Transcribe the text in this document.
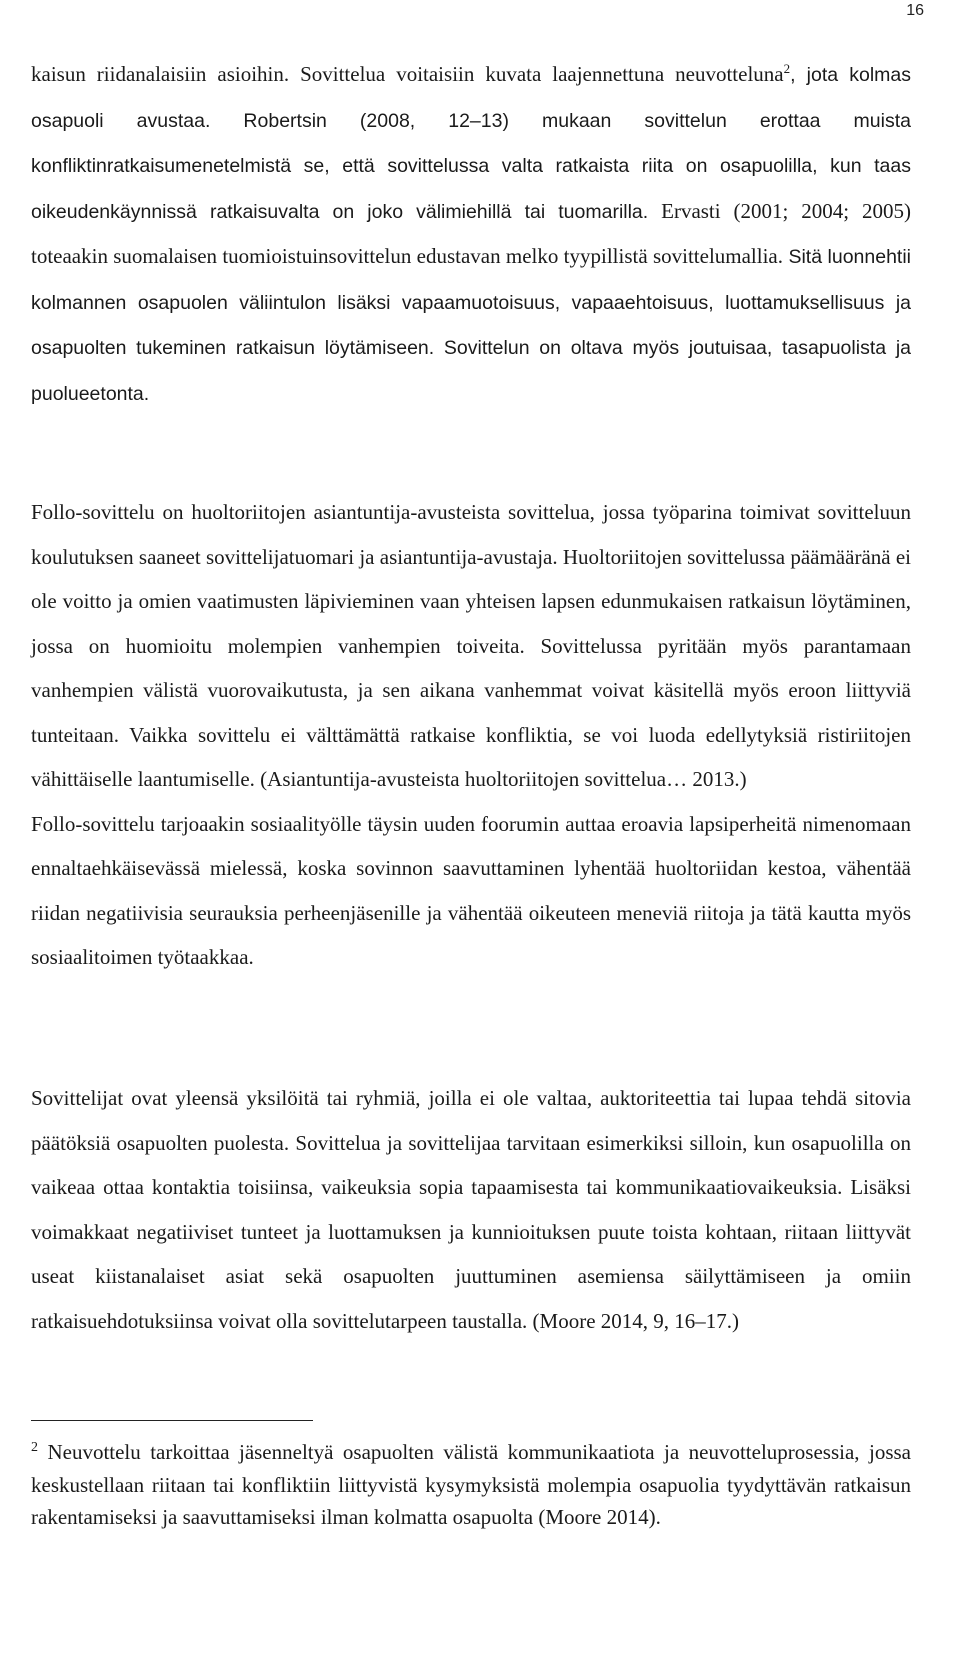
16

kaisun riidanalaisiin asioihin. Sovittelua voitaisiin kuvata laajennettuna neuvotteluna$^2$, jota kolmas osapuoli avustaa. Robertsin (2008, 12–13) mukaan sovittelun erottaa muista konfliktinratkaisumenetelmistä se, että sovittelussa valta ratkaista riita on osapuolilla, kun taas oikeudenkäynnissä ratkaisuvalta on joko välimiehillä tai tuomarilla. Ervasti (2001; 2004; 2005) toteaakin suomalaisen tuomioistuinsovittelun edustavan melko tyypillistä sovittelumallia. Sitä luonnehtii kolmannen osapuolen väliintulon lisäksi vapaamuotoisuus, vapaaehtoisuus, luottamuksellisuus ja osapuolten tukeminen ratkaisun löytämiseen. Sovittelun on oltava myös joutuisaa, tasapuolista ja puolueetonta.

Follo-sovittelu on huoltoriitojen asiantuntija-avusteista sovittelua, jossa työparina toimivat sovitteluun koulutuksen saaneet sovittelijatuomari ja asiantuntija-avustaja. Huoltoriitojen sovittelussa päämääränä ei ole voitto ja omien vaatimusten läpivieminen vaan yhteisen lapsen edunmukaisen ratkaisun löytäminen, jossa on huomioitu molempien vanhempien toiveita. Sovittelussa pyritään myös parantamaan vanhempien välistä vuorovaikutusta, ja sen aikana vanhemmat voivat käsitellä myös eroon liittyviä tunteitaan. Vaikka sovittelu ei välttämättä ratkaise konfliktia, se voi luoda edellytyksiä ristiriitojen vähittäiselle laantumiselle. (Asiantuntija-avusteista huoltoriitojen sovittelua… 2013.)
Follo-sovittelu tarjoaakin sosiaalityölle täysin uuden foorumin auttaa eroavia lapsiperheitä nimenomaan ennaltaehkäisevässä mielessä, koska sovinnon saavuttaminen lyhentää huoltoriidan kestoa, vähentää riidan negatiivisia seurauksia perheenjäsenille ja vähentää oikeuteen meneviä riitoja ja tätä kautta myös sosiaalitoimen työtaakkaa.

Sovittelijat ovat yleensä yksilöitä tai ryhmiä, joilla ei ole valtaa, auktoriteettia tai lupaa tehdä sitovia päätöksiä osapuolten puolesta. Sovittelua ja sovittelijaa tarvitaan esimerkiksi silloin, kun osapuolilla on vaikeaa ottaa kontaktia toisiinsa, vaikeuksia sopia tapaamisesta tai kommunikaatiovaikeuksia. Lisäksi voimakkaat negatiiviset tunteet ja luottamuksen ja kunnioituksen puute toista kohtaan, riitaan liittyvät useat kiistanalaiset asiat sekä osapuolten juuttuminen asemiensa säilyttämiseen ja omiin ratkaisuehdotuksiinsa voivat olla sovittelutarpeen taustalla. (Moore 2014, 9, 16–17.)

$^2$ Neuvottelu tarkoittaa jäsenneltyä osapuolten välistä kommunikaatiota ja neuvotteluprosessia, jossa keskustellaan riitaan tai konfliktiin liittyvistä kysymyksistä molempia osapuolia tyydyttävän ratkaisun rakentamiseksi ja saavuttamiseksi ilman kolmatta osapuolta (Moore 2014).
